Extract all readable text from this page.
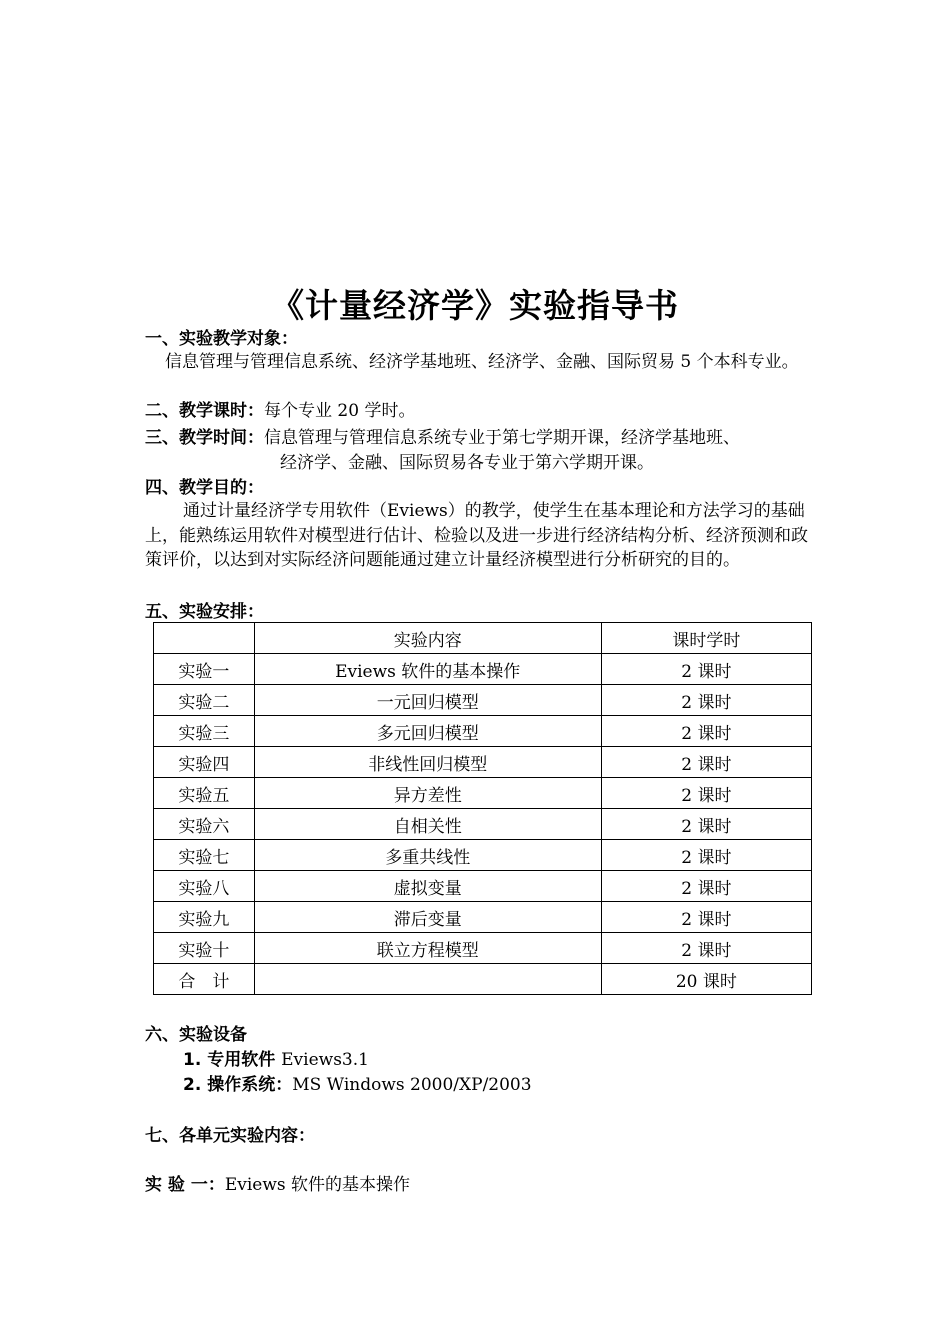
《计量经济学》实验指导书
一、实验教学对象：
信息管理与管理信息系统、经济学基地班、经济学、金融、国际贸易 5 个本科专业。
二、教学课时：每个专业 20 学时。
三、教学时间：信息管理与管理信息系统专业于第七学期开课，经济学基地班、
经济学、金融、国际贸易各专业于第六学期开课。
四、教学目的：
通过计量经济学专用软件（Eviews）的教学，使学生在基本理论和方法学习的基础上，能熟练运用软件对模型进行估计、检验以及进一步进行经济结构分析、经济预测和政策评价，以达到对实际经济问题能通过建立计量经济模型进行分析研究的目的。
五、实验安排：
	实验内容	课时学时
实验一	Eviews 软件的基本操作	2 课时
实验二	一元回归模型	2 课时
实验三	多元回归模型	2 课时
实验四	非线性回归模型	2 课时
实验五	异方差性	2 课时
实验六	自相关性	2 课时
实验七	多重共线性	2 课时
实验八	虚拟变量	2 课时
实验九	滞后变量	2 课时
实验十	联立方程模型	2 课时
合　计		20 课时
六、实验设备
1. 专用软件 Eviews3.1
2. 操作系统：MS Windows 2000/XP/2003
七、各单元实验内容：
实 验 一：Eviews 软件的基本操作
